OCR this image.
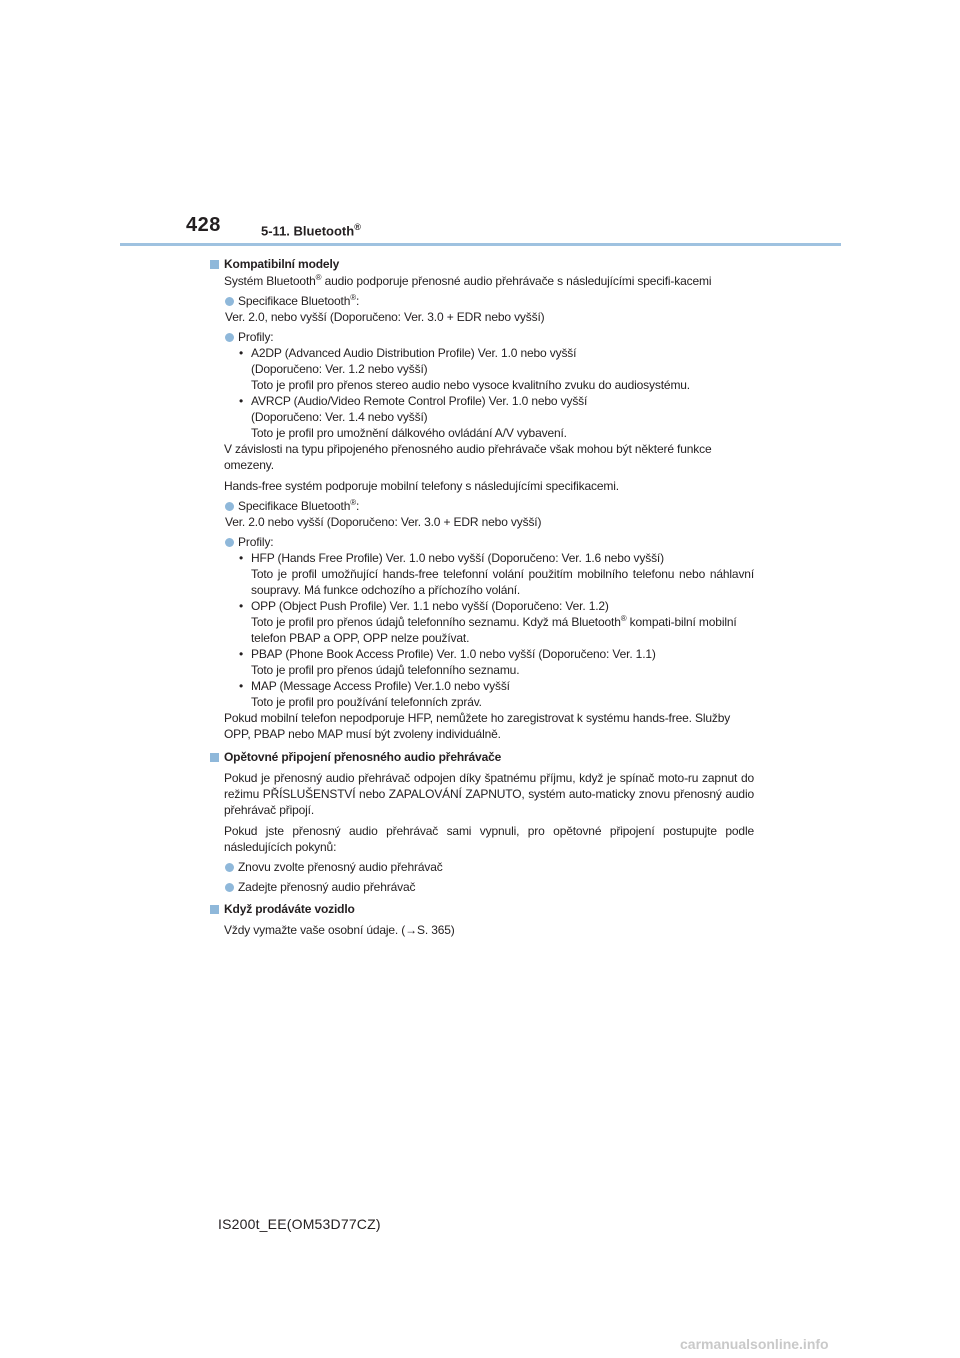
428	5-11. Bluetooth®
Kompatibilní modely
Systém Bluetooth® audio podporuje přenosné audio přehrávače s následujícími specifi-kacemi
Specifikace Bluetooth®:
Ver. 2.0, nebo vyšší (Doporučeno: Ver. 3.0 + EDR nebo vyšší)
Profily:
• A2DP (Advanced Audio Distribution Profile) Ver. 1.0 nebo vyšší
(Doporučeno: Ver. 1.2 nebo vyšší)
Toto je profil pro přenos stereo audio nebo vysoce kvalitního zvuku do audiosystému.
• AVRCP (Audio/Video Remote Control Profile) Ver. 1.0 nebo vyšší
(Doporučeno: Ver. 1.4 nebo vyšší)
Toto je profil pro umožnění dálkového ovládání A/V vybavení.
V závislosti na typu připojeného přenosného audio přehrávače však mohou být některé funkce omezeny.
Hands-free systém podporuje mobilní telefony s následujícími specifikacemi.
Specifikace Bluetooth®:
Ver. 2.0 nebo vyšší (Doporučeno: Ver. 3.0 + EDR nebo vyšší)
Profily:
• HFP (Hands Free Profile) Ver. 1.0 nebo vyšší (Doporučeno: Ver. 1.6 nebo vyšší)
Toto je profil umožňující hands-free telefonní volání použitím mobilního telefonu nebo náhlavní soupravy. Má funkce odchozího a příchozího volání.
• OPP (Object Push Profile) Ver. 1.1 nebo vyšší (Doporučeno: Ver. 1.2)
Toto je profil pro přenos údajů telefonního seznamu. Když má Bluetooth® kompati-bilní mobilní telefon PBAP a OPP, OPP nelze používat.
• PBAP (Phone Book Access Profile) Ver. 1.0 nebo vyšší (Doporučeno: Ver. 1.1)
Toto je profil pro přenos údajů telefonního seznamu.
• MAP (Message Access Profile) Ver.1.0 nebo vyšší
Toto je profil pro používání telefonních zpráv.
Pokud mobilní telefon nepodporuje HFP, nemůžete ho zaregistrovat k systému hands-free. Služby OPP, PBAP nebo MAP musí být zvoleny individuálně.
Opětovné připojení přenosného audio přehrávače
Pokud je přenosný audio přehrávač odpojen díky špatnému příjmu, když je spínač moto-ru zapnut do režimu PŘÍSLUŠENSTVÍ nebo ZAPALOVÁNÍ ZAPNUTO, systém auto-maticky znovu přenosný audio přehrávač připojí.
Pokud jste přenosný audio přehrávač sami vypnuli, pro opětovné připojení postupujte podle následujících pokynů:
Znovu zvolte přenosný audio přehrávač
Zadejte přenosný audio přehrávač
Když prodáváte vozidlo
Vždy vymažte vaše osobní údaje. (→S. 365)
IS200t_EE(OM53D77CZ)
carmanualsonline.info
